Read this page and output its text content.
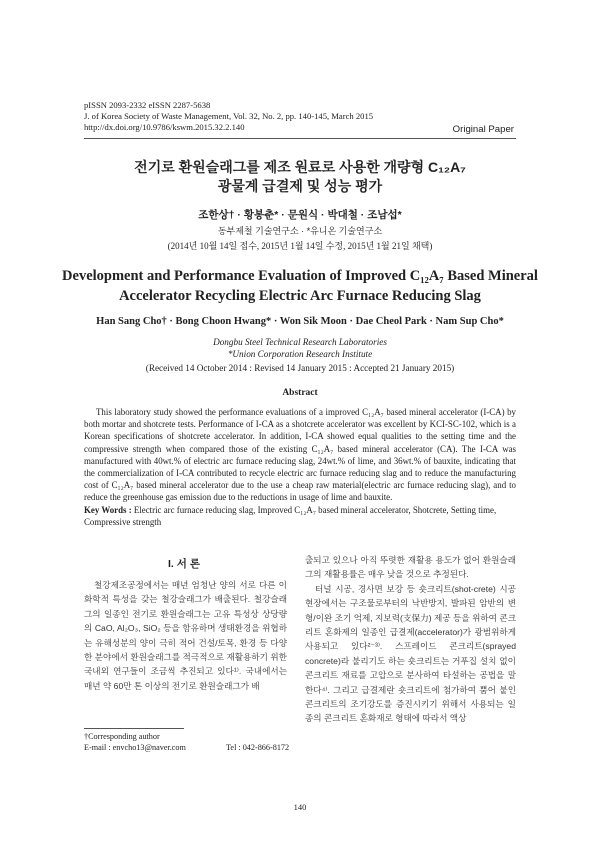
pISSN 2093-2332 eISSN 2287-5638
J. of Korea Society of Waste Management, Vol. 32, No. 2, pp. 140-145, March 2015
http://dx.doi.org/10.9786/kswm.2015.32.2.140	Original Paper
전기로 환원슬래그를 제조 원료로 사용한 개량형 C₁₂A₇
광물계 급결제 및 성능 평가
조한상† · 황봉춘* · 문원식 · 박대철 · 조남섭*
동부제철 기술연구소 · *유니온 기술연구소
(2014년 10월 14일 접수, 2015년 1월 14일 수정, 2015년 1월 21일 채택)
Development and Performance Evaluation of Improved C₁₂A₇ Based Mineral
Accelerator Recycling Electric Arc Furnace Reducing Slag
Han Sang Cho† · Bong Choon Hwang* · Won Sik Moon · Dae Cheol Park · Nam Sup Cho*
Dongbu Steel Technical Research Laboratories
*Union Corporation Research Institute
(Received 14 October 2014 : Revised 14 January 2015 : Accepted 21 January 2015)
Abstract
This laboratory study showed the performance evaluations of a improved C₁₂A₇ based mineral accelerator (I-CA) by both mortar and shotcrete tests. Performance of I-CA as a shotcrete accelerator was excellent by KCI-SC-102, which is a Korean specifications of shotcrete accelerator. In addition, I-CA showed equal qualities to the setting time and the compressive strength when compared those of the existing C₁₂A₇ based mineral accelerator (CA). The I-CA was manufactured with 40wt.% of electric arc furnace reducing slag, 24wt.% of lime, and 36wt.% of bauxite, indicating that the commercialization of I-CA contributed to recycle electric arc furnace reducing slag and to reduce the manufacturing cost of C₁₂A₇ based mineral accelerator due to the use a cheap raw material(electric arc furnace reducing slag), and to reduce the greenhouse gas emission due to the reductions in usage of lime and bauxite.
Key Words : Electric arc furnace reducing slag, Improved C₁₂A₇ based mineral accelerator, Shotcrete, Setting time, Compressive strength
I. 서 론
철강제조공정에서는 매년 엄청난 양의 서로 다른 이화학적 특성을 갖는 철강슬래그가 배출된다. 철강슬래그의 일종인 전기로 환원슬래그는 고유 특성상 상당량의 CaO, Al₂O₃, SiO₂ 등을 함유하며 생태환경을 위협하는 유해성분의 양이 극히 적어 건설/토목, 환경 등 다양한 분야에서 환원슬래그를 적극적으로 재활용하기 위한 국내외 연구들이 조금씩 추진되고 있다¹⁾. 국내에서는 매년 약 60만 톤 이상의 전기로 환원슬래그가 배
출되고 있으나 아직 뚜렷한 재활용 용도가 없어 환원슬래그의 재활용률은 매우 낮을 것으로 추정된다.
터널 시공, 경사면 보강 등 숏크리트(shot-crete) 시공현장에서는 구조물로부터의 낙반방지, 발파된 암반의 변형/이완 조기 억제, 지보력(支保力) 제공 등을 위하여 콘크리트 혼화제의 일종인 급결제(accelerator)가 광범위하게 사용되고 있다²⁻³⁾. 스프레이드 콘크리트(sprayed concrete)라 불리기도 하는 숏크리트는 거푸집 설치 없이 콘크리트 재료를 고압으로 분사하여 타설하는 공법을 말한다⁴⁾. 그리고 급결제란 숏크리트에 첨가하여 뿜어 붙인 콘크리트의 조기강도를 증진시키기 위해서 사용되는 일종의 콘크리트 혼화재로 형태에 따라서 액상
†Corresponding author
E-mail : envcho13@naver.com	Tel : 042-866-8172
140
